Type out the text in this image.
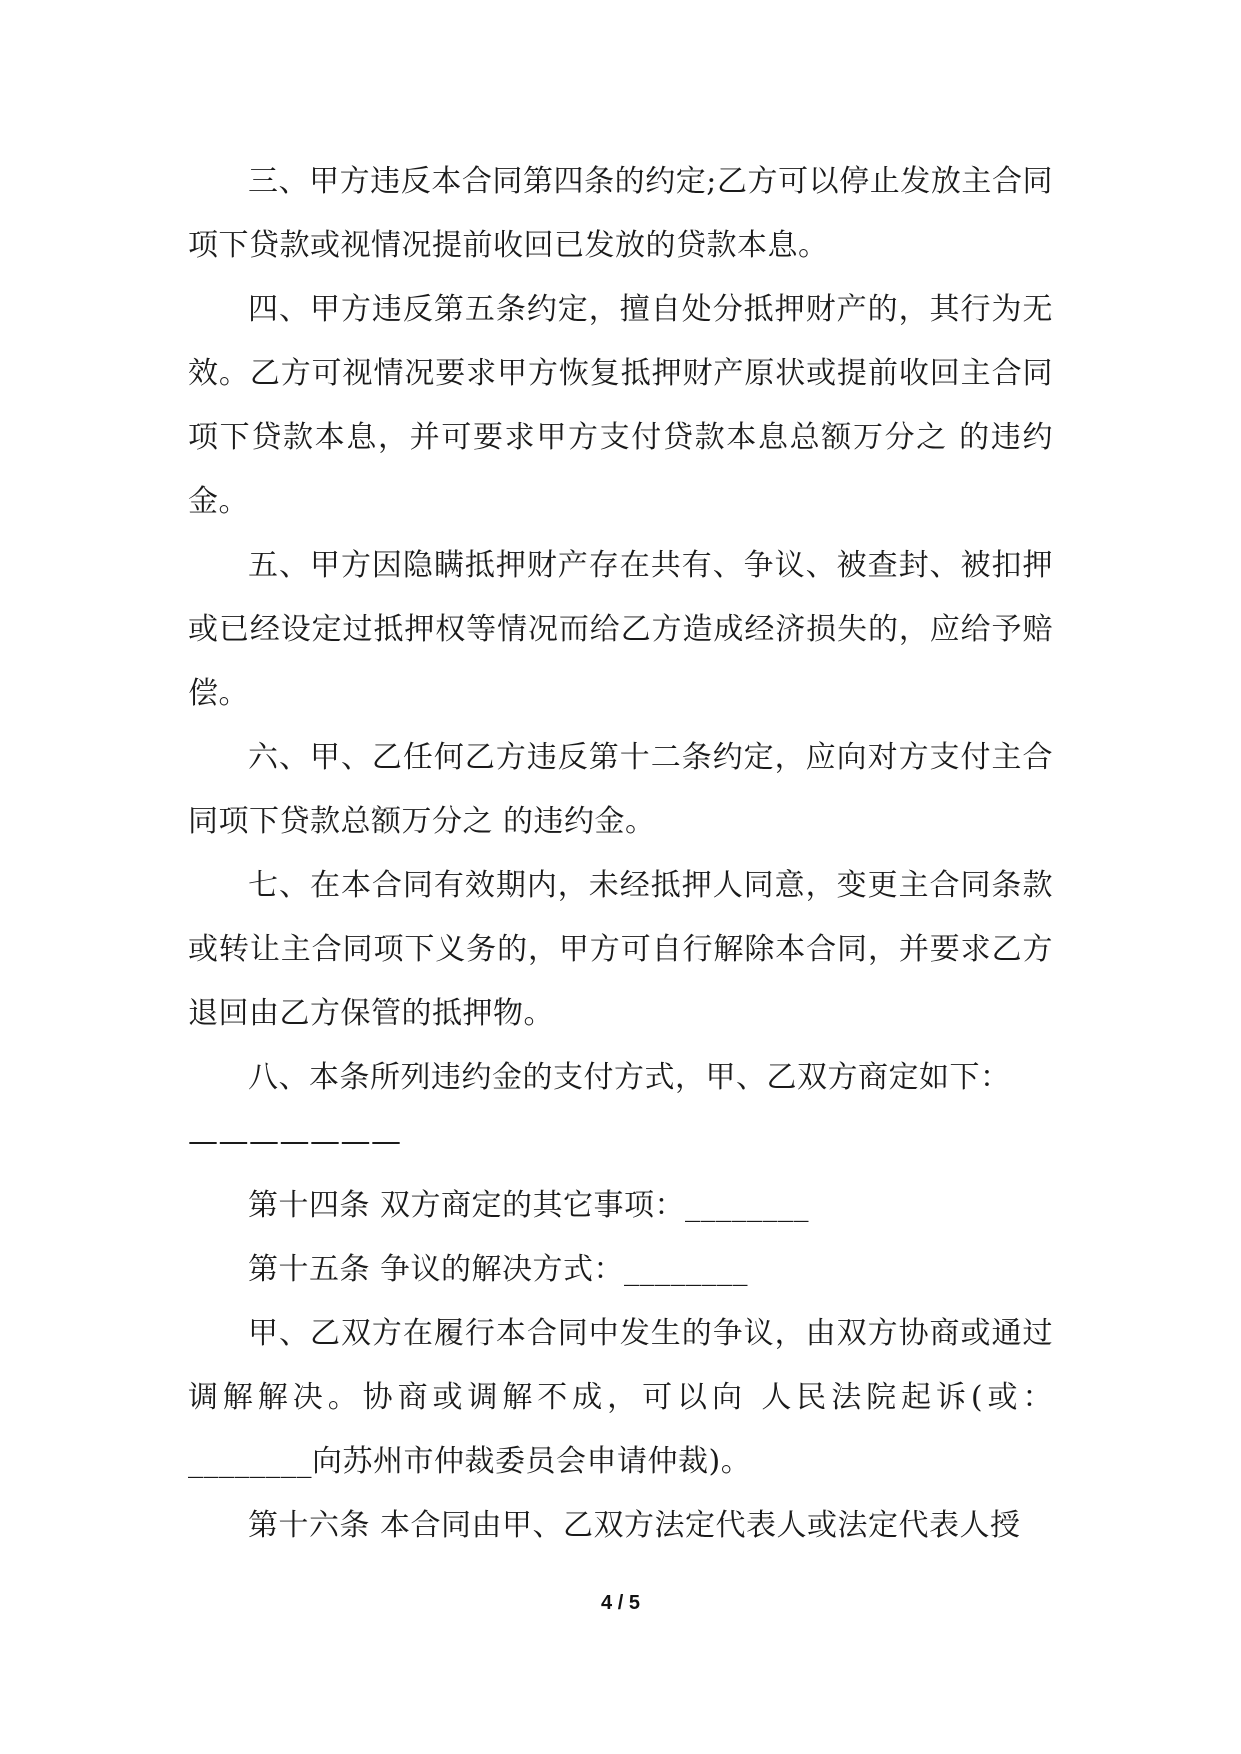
三、甲方违反本合同第四条的约定;乙方可以停止发放主合同项下贷款或视情况提前收回已发放的贷款本息。

四、甲方违反第五条约定，擅自处分抵押财产的，其行为无效。乙方可视情况要求甲方恢复抵押财产原状或提前收回主合同项下贷款本息，并可要求甲方支付贷款本息总额万分之 的违约金。

五、甲方因隐瞒抵押财产存在共有、争议、被查封、被扣押或已经设定过抵押权等情况而给乙方造成经济损失的，应给予赔偿。

六、甲、乙任何乙方违反第十二条约定，应向对方支付主合同项下贷款总额万分之 的违约金。

七、在本合同有效期内，未经抵押人同意，变更主合同条款或转让主合同项下义务的，甲方可自行解除本合同，并要求乙方退回由乙方保管的抵押物。

八、本条所列违约金的支付方式，甲、乙双方商定如下：

———————

第十四条 双方商定的其它事项：________

第十五条 争议的解决方式：________

甲、乙双方在履行本合同中发生的争议，由双方协商或通过调解解决。协商或调解不成，可以向 人民法院起诉(或：________向苏州市仲裁委员会申请仲裁)。

第十六条 本合同由甲、乙双方法定代表人或法定代表人授

4 / 5
